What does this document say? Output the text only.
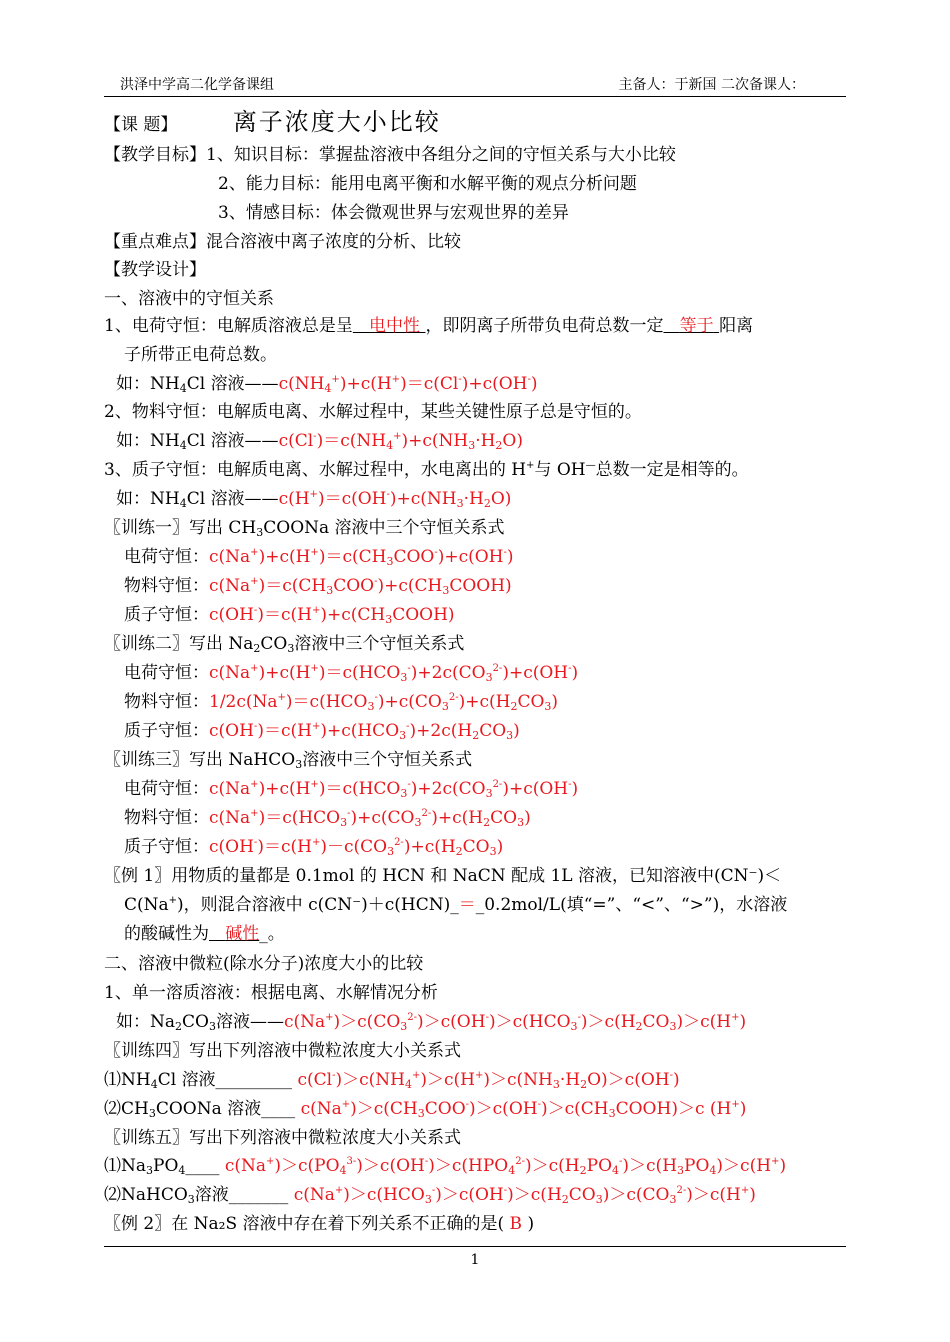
洪泽中学高二化学备课组	主备人：于新国 二次备课人：
【课 题】 离子浓度大小比较
【教学目标】1、知识目标：掌握盐溶液中各组分之间的守恒关系与大小比较
2、能力目标：能用电离平衡和水解平衡的观点分析问题
3、情感目标：体会微观世界与宏观世界的差异
【重点难点】混合溶液中离子浓度的分析、比较
【教学设计】
一、溶液中的守恒关系
1、电荷守恒：电解质溶液总是呈 电中性 ，即阴离子所带负电荷总数一定 等于 阳离
子所带正电荷总数。
如：$NH_4Cl$ 溶液$——c(NH_4^+)+c(H^+)=c(Cl^-)+c(OH^-)$
2、物料守恒：电解质电离、水解过程中，某些关键性原子总是守恒的。
如：$NH_4Cl$ 溶液$——c(Cl^-)=c(NH_4^+)+c(NH_3\cdot H_2O)$
3、质子守恒：电解质电离、水解过程中，水电离出的 H+与 OH—总数一定是相等的。
如：$NH_4Cl$ 溶液$——c(H^+)=c(OH^-)+c(NH_3\cdot H_2O)$
〖训练一〗写出 $CH_3COONa$ 溶液中三个守恒关系式
电荷守恒：$c(Na^+)+c(H^+)=c(CH_3COO^-)+c(OH^-)$
物料守恒：$c(Na^+)=c(CH_3COO^-)+c(CH_3COOH)$
质子守恒：$c(OH^-)=c(H^+)+c(CH_3COOH)$
〖训练二〗写出 $Na_2CO_3$溶液中三个守恒关系式
电荷守恒：$c(Na^+)+c(H^+)=c(HCO_3^-)+2c(CO_3^{2-})+c(OH^-)$
物料守恒：$1/2c(Na^+)=c(HCO_3^-)+c(CO_3^{2-})+c(H_2CO_3)$
质子守恒：$c(OH^-)=c(H^+)+c(HCO_3^-)+2c(H_2CO_3)$
〖训练三〗写出 NaHCO$_3$溶液中三个守恒关系式
电荷守恒：$c(Na^+)+c(H^+)=c(HCO_3^-)+2c(CO_3^{2-})+c(OH^-)$
物料守恒：$c(Na^+)=c(HCO_3^-)+c(CO_3^{2-})+c(H_2CO_3)$
质子守恒：$c(OH^-)=c(H^+)-c(CO_3^{2-})+c(H_2CO_3)$
〖例 1〗用物质的量都是 0.1mol 的 HCN 和 NaCN 配成 1L 溶液，已知溶液中(CN⁻)＜
C(Na+)，则混合溶液中 c(CN⁻)＋c(HCN)_＝_0.2mol/L(填“=”、“<”、“>”)，水溶液
的酸碱性为 碱性_。
二、溶液中微粒(除水分子)浓度大小的比较
1、单一溶质溶液：根据电离、水解情况分析
如：$Na_2CO_3$溶液$——c(Na^+)>c(CO_3^{2-})>c(OH^-)>c(HCO_3^-)>c(H_2CO_3)>c(H^+)$
〖训练四〗写出下列溶液中微粒浓度大小关系式
$⑴NH_4Cl$ 溶液_________ $c(Cl^-)>c(NH_4^+)>c(H^+)>c(NH_3\cdot H_2O)>c(OH^-)$
$⑵CH_3COONa$ 溶液____ $c(Na^+)>c(CH_3COO^-)>c(OH^-)>c(CH_3COOH)>c$ (H+)
〖训练五〗写出下列溶液中微粒浓度大小关系式
$⑴Na_3PO_4\_\_\_\_$ $c(Na^+)>c(PO_4^{3-})>c(OH^-)>c(HPO_4^{2-})>c(H_2PO_4^-)>c(H_3PO_4)>c(H^+)$
⑵NaHCO$_3$溶液_______ $c(Na^+)>c(HCO_3^-)>c(OH^-)>c(H_2CO_3)>c(CO_3^{2-})>c(H^+)$
〖例 2〗在 Na₂S 溶液中存在着下列关系不正确的是( B )
1
